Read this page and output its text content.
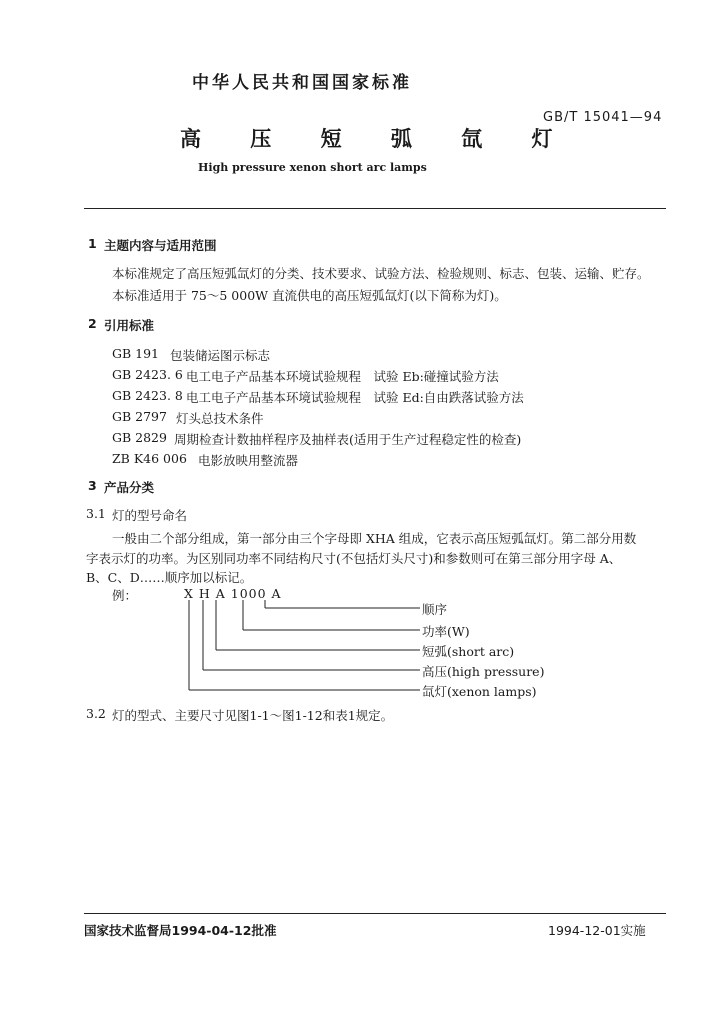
中华人民共和国国家标准
GB/T 15041—94
高 压 短 弧 氙 灯
High pressure xenon short arc lamps
1 主题内容与适用范围
本标准规定了高压短弧氙灯的分类、技术要求、试验方法、检验规则、标志、包装、运输、贮存。
本标准适用于 75～5 000W 直流供电的高压短弧氙灯(以下简称为灯)。
2 引用标准
GB 191 包装储运图示标志
GB 2423. 6 电工电子产品基本环境试验规程　试验 Eb:碰撞试验方法
GB 2423. 8 电工电子产品基本环境试验规程　试验 Ed:自由跌落试验方法
GB 2797 灯头总技术条件
GB 2829 周期检查计数抽样程序及抽样表(适用于生产过程稳定性的检查)
ZB K46 006 电影放映用整流器
3 产品分类
3.1 灯的型号命名
一般由二个部分组成，第一部分由三个字母即 XHA 组成，它表示高压短弧氙灯。第二部分用数
字表示灯的功率。为区别同功率不同结构尺寸(不包括灯头尺寸)和参数则可在第三部分用字母 A、
B、C、D……顺序加以标记。
例：	X H A 1000 A
顺序
功率(W)
短弧(short arc)
高压(high pressure)
氙灯(xenon lamps)
3.2 灯的型式、主要尺寸见图1-1～图1-12和表1规定。
国家技术监督局1994-04-12批准	1994-12-01实施
